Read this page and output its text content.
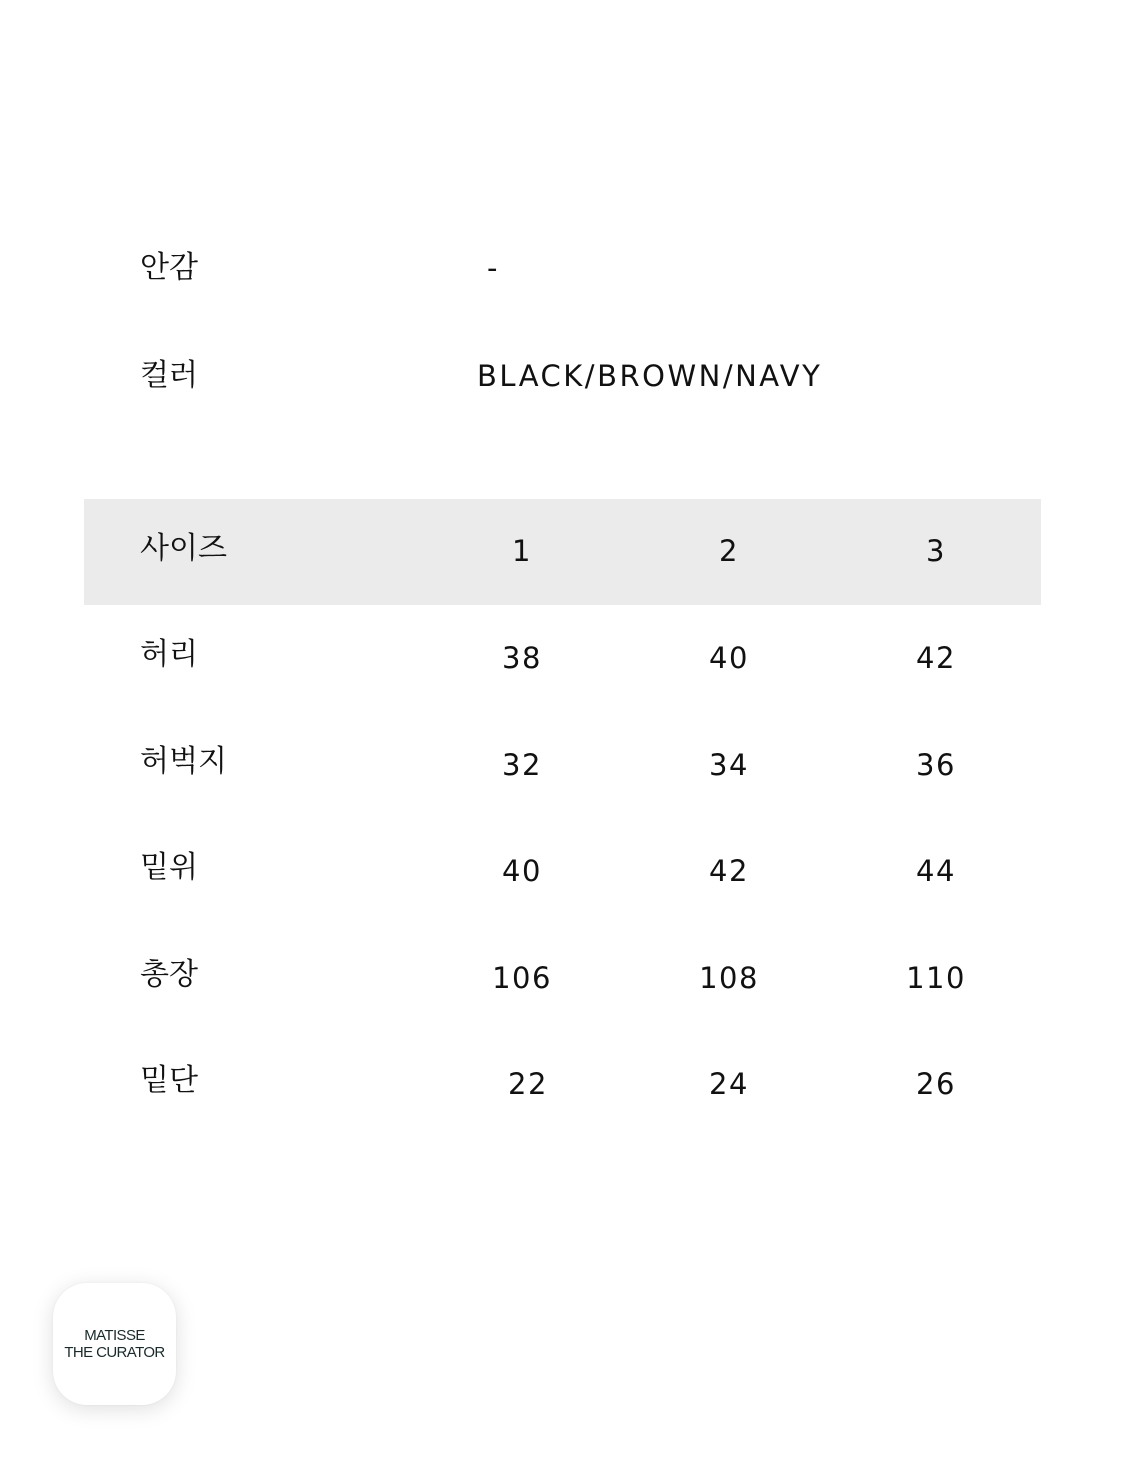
안감	-
컬러	BLACK/BROWN/NAVY
사이즈	1	2	3
허리	38	40	42
허벅지	32	34	36
밑위	40	42	44
총장	106	108	110
밑단	22	24	26
MATISSE
THE CURATOR
